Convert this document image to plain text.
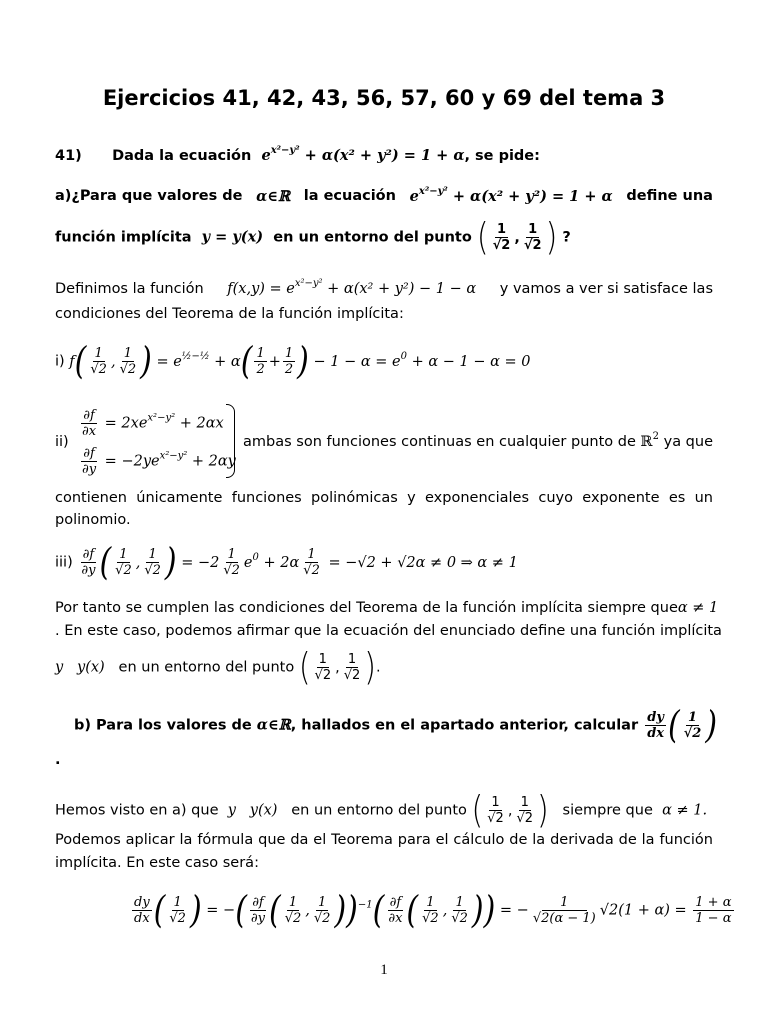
Ejercicios 41, 42, 43, 56, 57, 60 y 69 del tema 3
41) Dada la ecuación $e^{x^2-y^2} + \alpha(x^2 + y^2) = 1 + \alpha$, se pide:
a)¿Para que valores de α∈ℝ la ecuación $e^{x^2-y^2} + \alpha(x^2 + y^2) = 1 + \alpha$ define una
función implícita y = y(x) en un entorno del punto ( $\frac{1}{√2}$ , $\frac{1}{√2}$ ) ?
Definimos la función $f(x,y) = e^{x^2-y^2} + \alpha(x^2 + y^2) - 1 - \alpha$ y vamos a ver si satisface las
condiciones del Teorema de la función implícita:
i) $f( \frac{1}{√2}$ , $\frac{1}{√2}$ ) = $e^{\frac{1}{2}-\frac{1}{2}} + \alpha( \frac{1}{2} + \frac{1}{2}$ ) − $1 - \alpha = e^0 + \alpha - 1 - \alpha = 0$
ii)
$\frac{\partial f}{\partial x} = 2xe^{x^2-y^2} + 2\alpha x$
$\frac{\partial f}{\partial y} = -2ye^{x^2-y^2} + 2\alpha y$
ambas son funciones continuas en cualquier punto de ℝ$^2$ ya que
contienen únicamente funciones polinómicas y exponenciales cuyo exponente es un
polinomio.
$iii) \frac{\partial f}{\partial y}$ ( $\frac{1}{√2}$ , $\frac{1}{√2}$ ) = $-2 \frac{1}{√2} e^0 + 2\alpha \frac{1}{√2} = -√2 + √2\alpha \ne 0$ ⇒ α ≠ 1
Por tanto se cumplen las condiciones del Teorema de la función implícita siempre que α ≠ 1
. En este caso, podemos afirmar que la ecuación del enunciado define una función implícita
y   y(x) en un entorno del punto ( $\frac{1}{√2}$ , $\frac{1}{√2}$ ).
b) Para los valores de α∈ℝ, hallados en el apartado anterior, calcular $\frac{dy}{dx}$ ( $\frac{1}{√2}$ )
.
Hemos visto en a) que y   y(x) en un entorno del punto ( $\frac{1}{√2}$ , $\frac{1}{√2}$ ) siempre que α ≠ 1.
Podemos aplicar la fórmula que da el Teorema para el cálculo de la derivada de la función
implícita. En este caso será:
$\frac{dy}{dx}$ ( $\frac{1}{√2}$ ) = −( $\frac{\partial f}{\partial y}$ ( $\frac{1}{√2}$ , $\frac{1}{√2} ))^{-1}( \frac{\partial f}{\partial x}$ ( $\frac{1}{√2}$ , $\frac{1}{√2}$ )) = − $\frac{1}{√2(\alpha - 1)} √2(1 + \alpha) = \frac{1 + \alpha}{1 - \alpha}$
1
